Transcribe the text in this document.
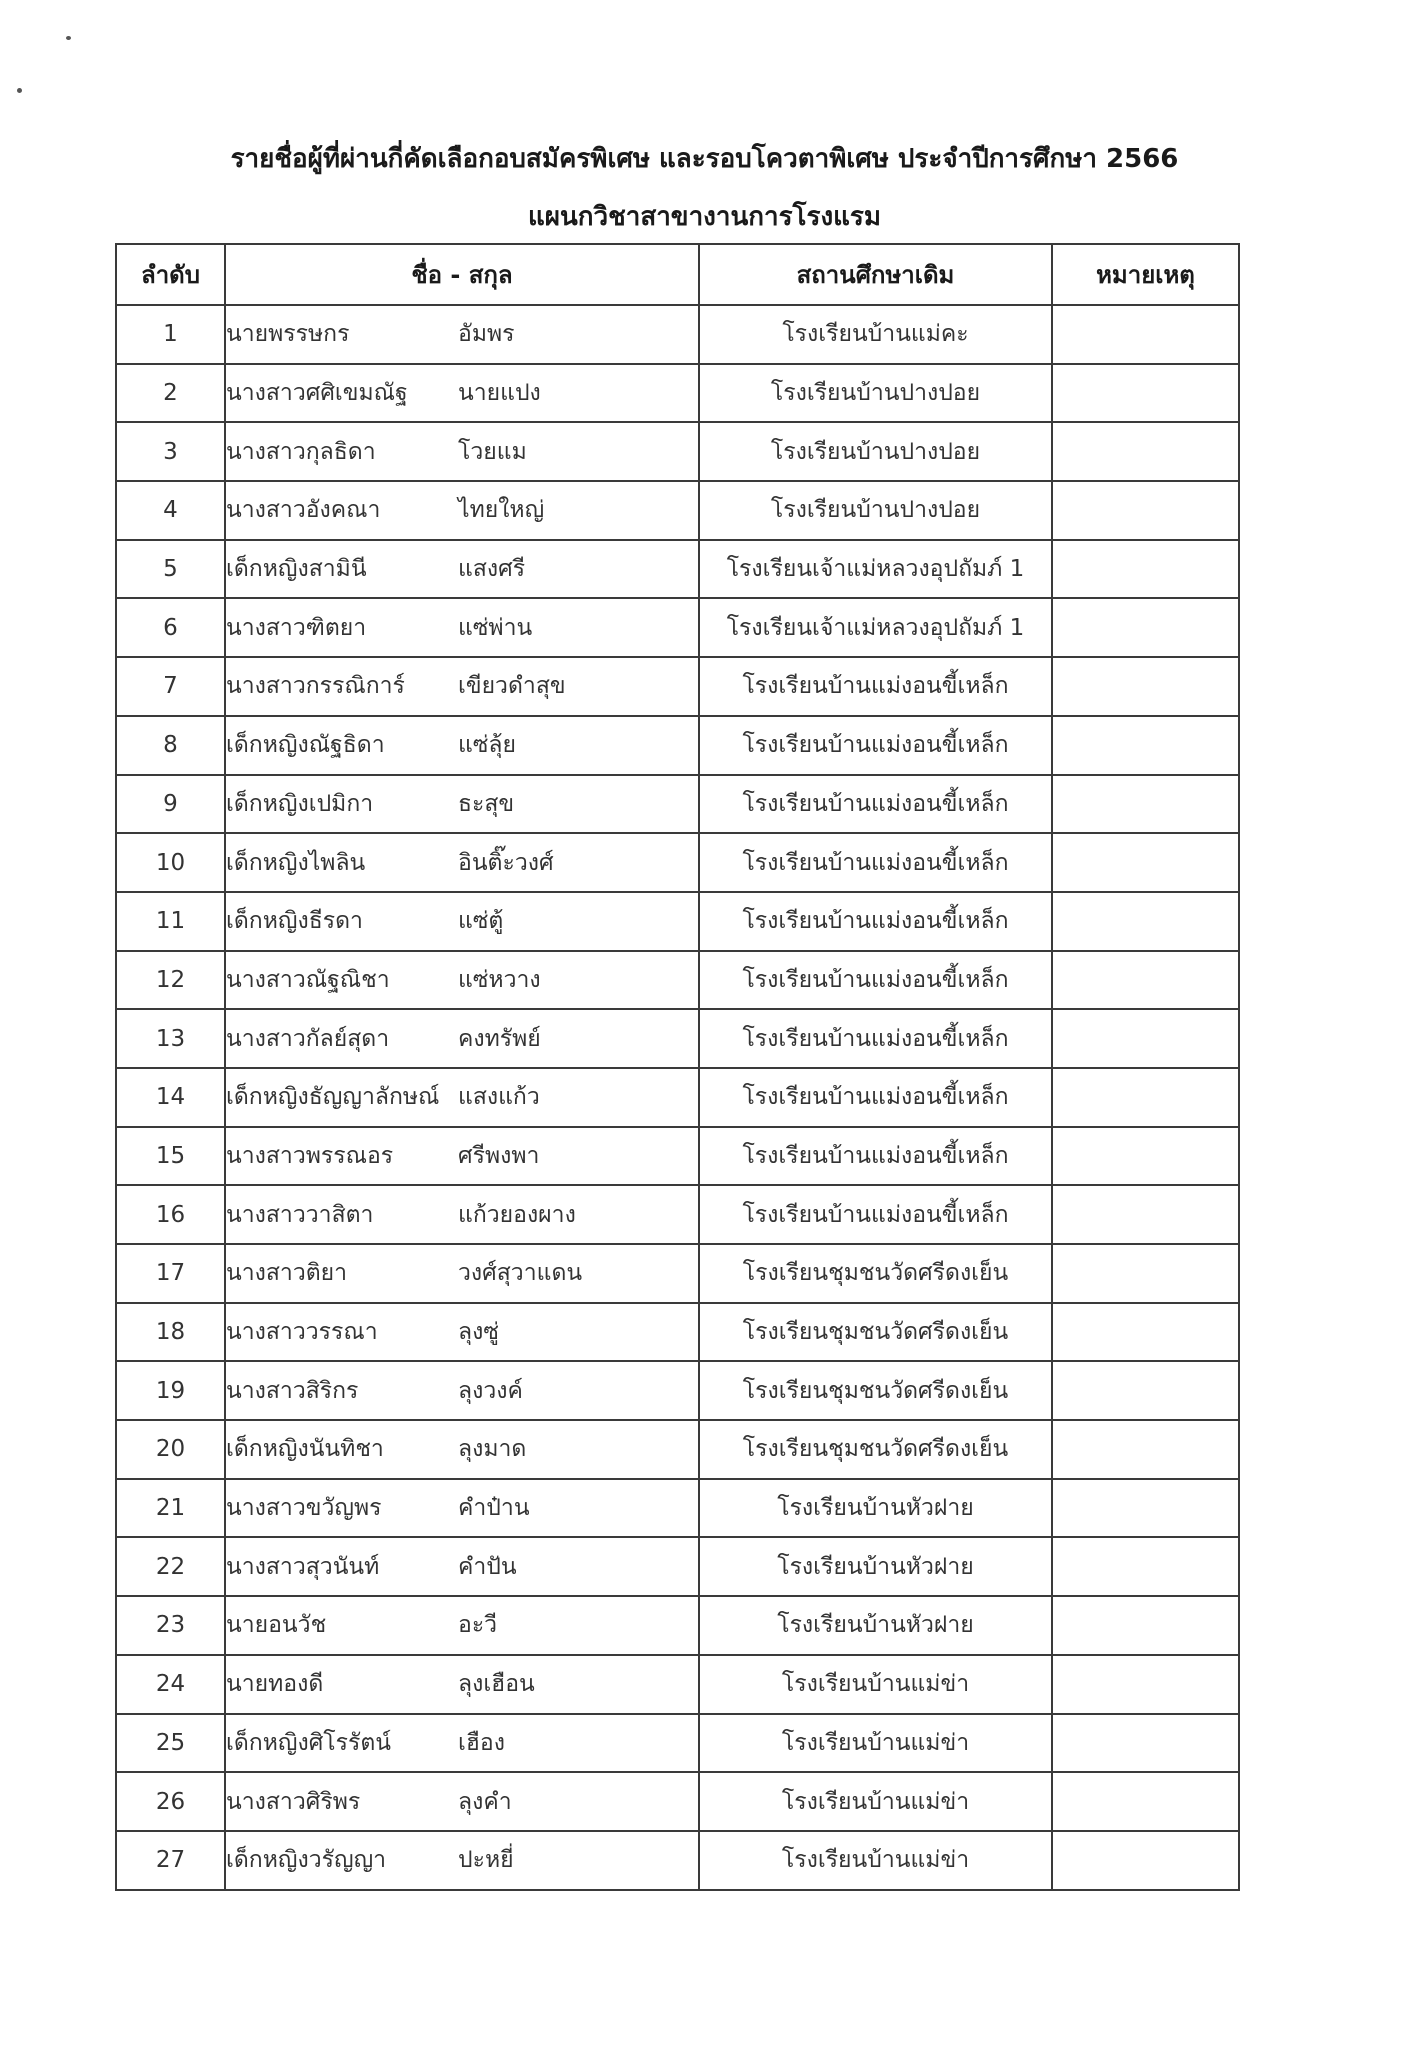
รายชื่อผู้ที่ผ่านกี่คัดเลือกอบสมัครพิเศษ และรอบโควตาพิเศษ ประจำปีการศึกษา 2566
แผนกวิชาสาขางานการโรงแรม
ลำดับ	ชื่อ - สกุล	สถานศึกษาเดิม	หมายเหตุ
1	นายพรรษกร อัมพร	โรงเรียนบ้านแม่คะ	
2	นางสาวศศิเขมณัฐ นายแปง	โรงเรียนบ้านปางปอย	
3	นางสาวกุลธิดา โวยแม	โรงเรียนบ้านปางปอย	
4	นางสาวอังคณา ไทยใหญ่	โรงเรียนบ้านปางปอย	
5	เด็กหญิงสามินี แสงศรี	โรงเรียนเจ้าแม่หลวงอุปถัมภ์ 1	
6	นางสาวฑิตยา แซ่พ่าน	โรงเรียนเจ้าแม่หลวงอุปถัมภ์ 1	
7	นางสาวกรรณิการ์ เขียวดำสุข	โรงเรียนบ้านแม่งอนขี้เหล็ก	
8	เด็กหญิงณัฐธิดา แซ่ลุ้ย	โรงเรียนบ้านแม่งอนขี้เหล็ก	
9	เด็กหญิงเปมิกา ธะสุข	โรงเรียนบ้านแม่งอนขี้เหล็ก	
10	เด็กหญิงไพลิน อินติ๊ะวงศ์	โรงเรียนบ้านแม่งอนขี้เหล็ก	
11	เด็กหญิงธีรดา แซ่ตู้	โรงเรียนบ้านแม่งอนขี้เหล็ก	
12	นางสาวณัฐณิชา แซ่หวาง	โรงเรียนบ้านแม่งอนขี้เหล็ก	
13	นางสาวกัลย์สุดา คงทรัพย์	โรงเรียนบ้านแม่งอนขี้เหล็ก	
14	เด็กหญิงธัญญาลักษณ์ แสงแก้ว	โรงเรียนบ้านแม่งอนขี้เหล็ก	
15	นางสาวพรรณอร ศรีพงพา	โรงเรียนบ้านแม่งอนขี้เหล็ก	
16	นางสาววาสิตา แก้วยองผาง	โรงเรียนบ้านแม่งอนขี้เหล็ก	
17	นางสาวติยา วงศ์สุวาแดน	โรงเรียนชุมชนวัดศรีดงเย็น	
18	นางสาววรรณา ลุงซู่	โรงเรียนชุมชนวัดศรีดงเย็น	
19	นางสาวสิริกร ลุงวงค์	โรงเรียนชุมชนวัดศรีดงเย็น	
20	เด็กหญิงนันทิชา ลุงมาด	โรงเรียนชุมชนวัดศรีดงเย็น	
21	นางสาวขวัญพร คำป๋าน	โรงเรียนบ้านหัวฝาย	
22	นางสาวสุวนันท์ คำปัน	โรงเรียนบ้านหัวฝาย	
23	นายอนวัช อะวี	โรงเรียนบ้านหัวฝาย	
24	นายทองดี ลุงเฮือน	โรงเรียนบ้านแม่ข่า	
25	เด็กหญิงศิโรรัตน์ เฮือง	โรงเรียนบ้านแม่ข่า	
26	นางสาวศิริพร ลุงคำ	โรงเรียนบ้านแม่ข่า	
27	เด็กหญิงวรัญญา ปะหยี่	โรงเรียนบ้านแม่ข่า	
